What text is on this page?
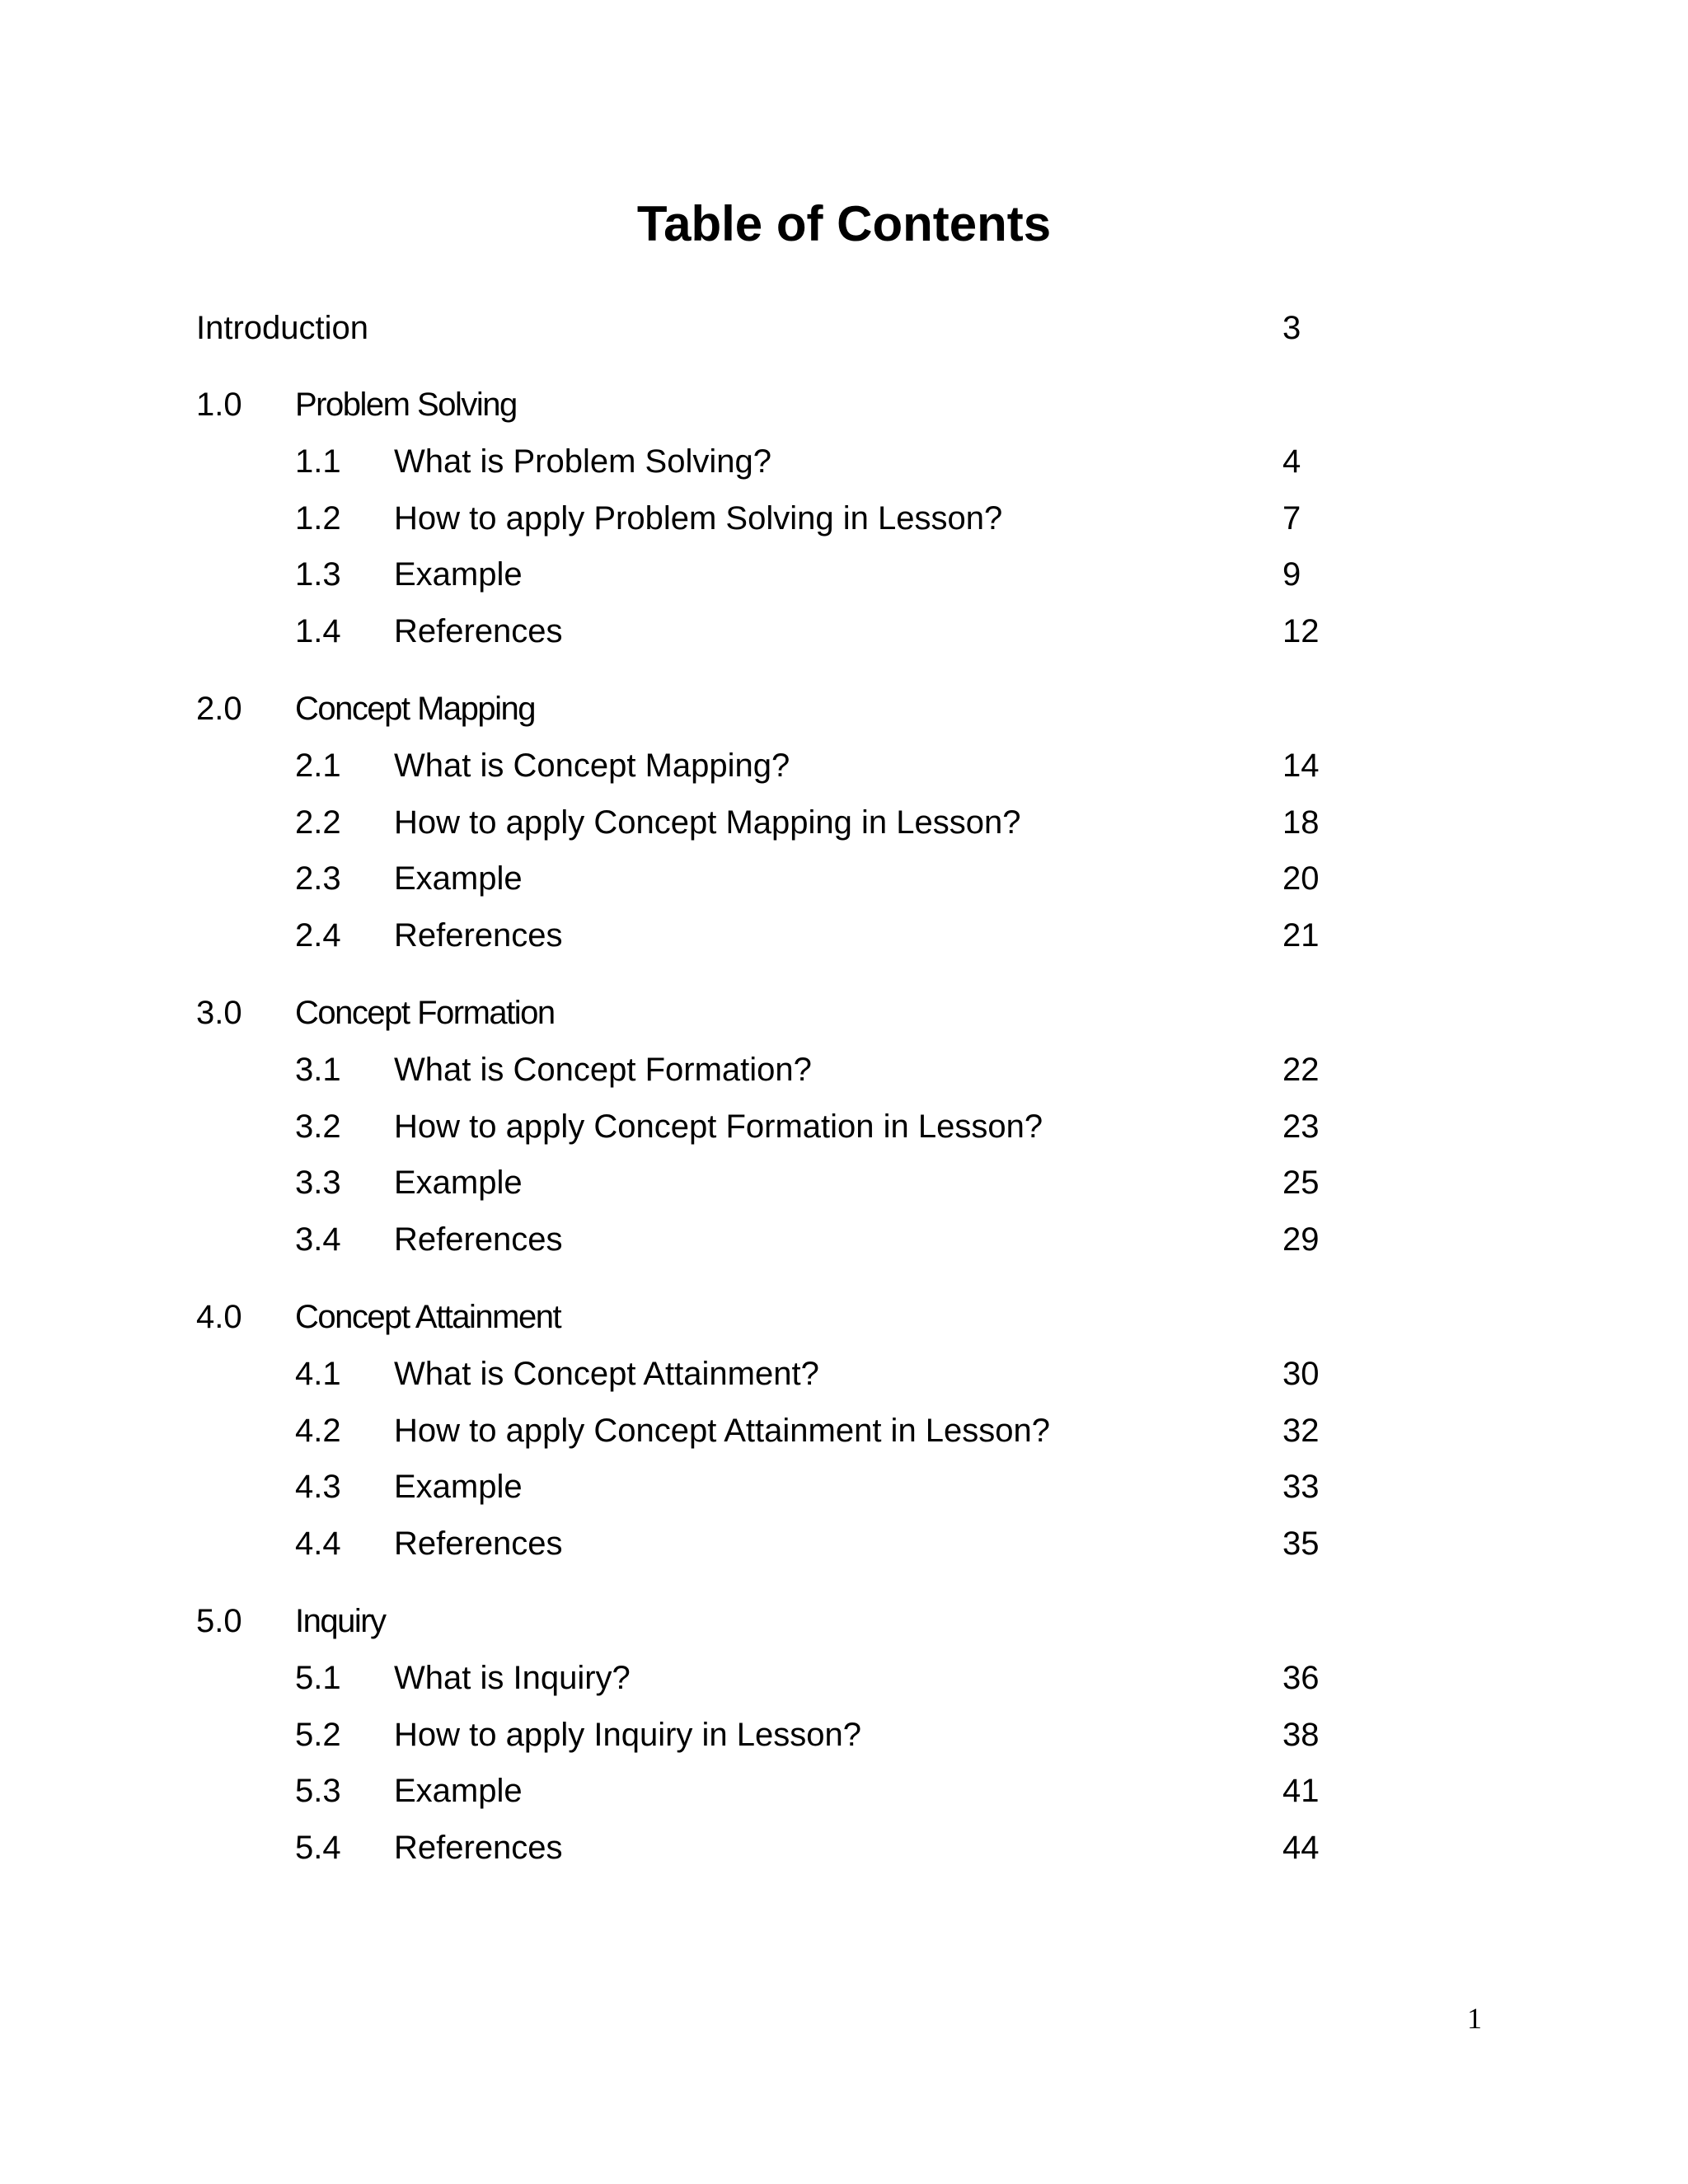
Table of Contents
Introduction	3
1.0 Problem Solving
1.1 What is Problem Solving?	4
1.2 How to apply Problem Solving in Lesson?	7
1.3 Example	9
1.4 References	12
2.0 Concept Mapping
2.1 What is Concept Mapping?	14
2.2 How to apply Concept Mapping in Lesson?	18
2.3 Example	20
2.4 References	21
3.0 Concept Formation
3.1 What is Concept Formation?	22
3.2 How to apply Concept Formation in Lesson?	23
3.3 Example	25
3.4 References	29
4.0 Concept Attainment
4.1 What is Concept Attainment?	30
4.2 How to apply Concept Attainment in Lesson?	32
4.3 Example	33
4.4 References	35
5.0 Inquiry
5.1 What is Inquiry?	36
5.2 How to apply Inquiry in Lesson?	38
5.3 Example	41
5.4 References	44
1
